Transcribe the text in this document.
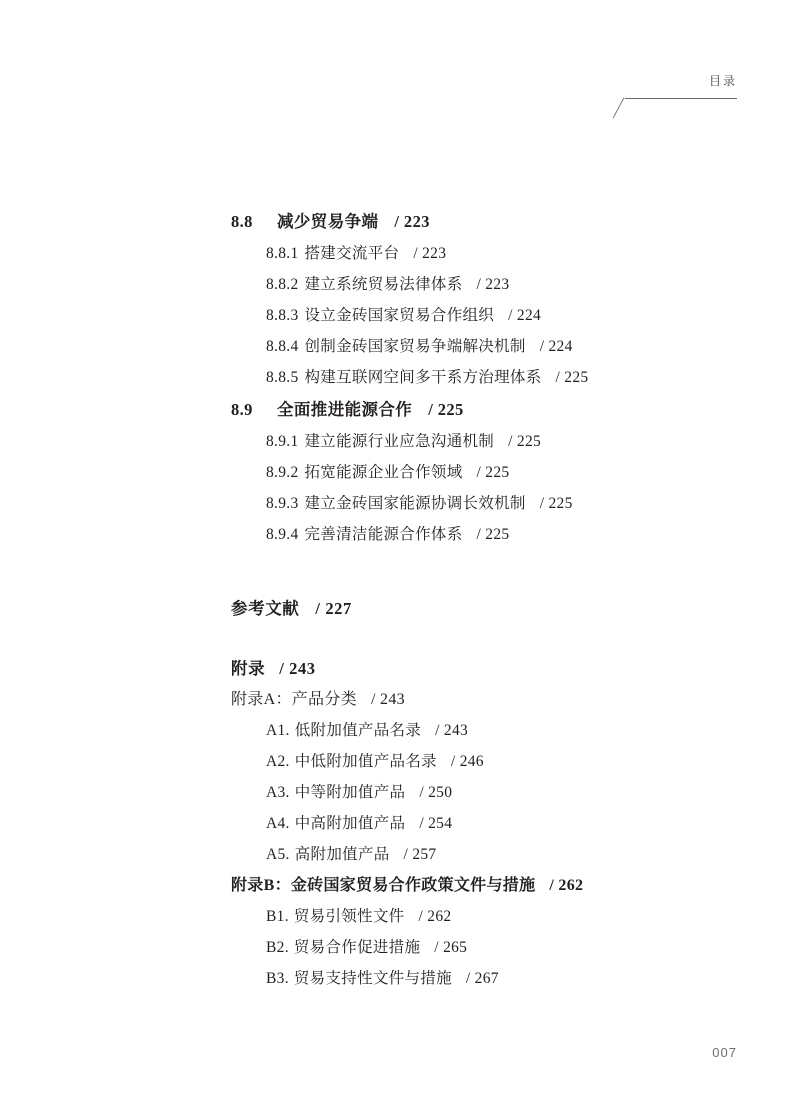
目录
8.8	减少贸易争端 / 223
8.8.1 搭建交流平台 / 223
8.8.2 建立系统贸易法律体系 / 223
8.8.3 设立金砖国家贸易合作组织 / 224
8.8.4 创制金砖国家贸易争端解决机制 / 224
8.8.5 构建互联网空间多干系方治理体系 / 225
8.9	全面推进能源合作 / 225
8.9.1 建立能源行业应急沟通机制 / 225
8.9.2 拓宽能源企业合作领域 / 225
8.9.3 建立金砖国家能源协调长效机制 / 225
8.9.4 完善清洁能源合作体系 / 225
参考文献 / 227
附录 / 243
附录A：产品分类 / 243
A1. 低附加值产品名录 / 243
A2. 中低附加值产品名录 / 246
A3. 中等附加值产品 / 250
A4. 中高附加值产品 / 254
A5. 高附加值产品 / 257
附录B：金砖国家贸易合作政策文件与措施 / 262
B1. 贸易引领性文件 / 262
B2. 贸易合作促进措施 / 265
B3. 贸易支持性文件与措施 / 267
007
